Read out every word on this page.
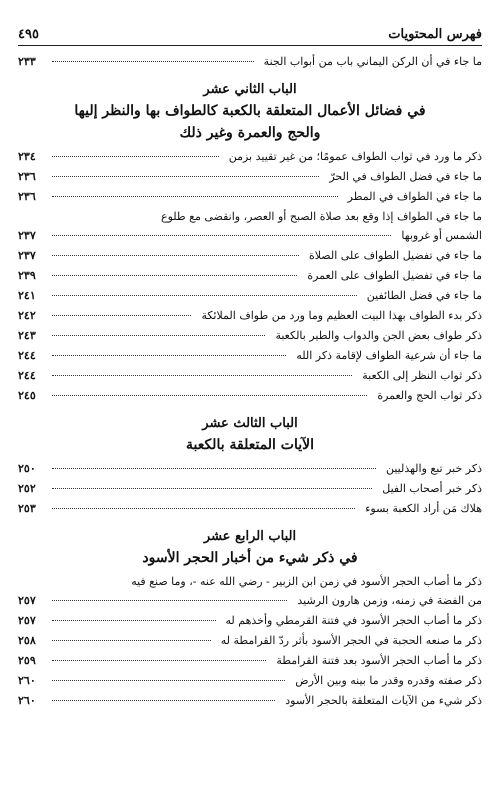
فهرس المحتويات
٤٩٥
ما جاء في أن الركن اليماني باب من أبواب الجنة
٢٣٣
الباب الثاني عشر
في فضائل الأعمال المتعلقة بالكعبة كالطواف بها والنظر إليها
والحج والعمرة وغير ذلك
ذكر ما ورد في ثواب الطواف عمومًا؛ من غير تقييد بزمن
٢٣٤
ما جاء في فضل الطواف في الحرّ
٢٣٦
ما جاء في الطواف في المطر
٢٣٦
ما جاء في الطواف إذا وقع بعد صلاة الصبح أو العصر، وانقضى مع طلوع
الشمس أو غروبها
٢٣٧
ما جاء في تفضيل الطواف على الصلاة
٢٣٧
ما جاء في تفضيل الطواف على العمرة
٢٣٩
ما جاء في فضل الطائفين
٢٤١
ذكر بدء الطواف بهذا البيت العظيم وما ورد من طواف الملائكة
٢٤٢
ذكر طواف بعض الجن والدواب والطير بالكعبة
٢٤٣
ما جاء أن شرعية الطواف لإقامة ذكر الله
٢٤٤
ذكر ثواب النظر إلى الكعبة
٢٤٤
ذكر ثواب الحج والعمرة
٢٤٥
الباب الثالث عشر
الآيات المتعلقة بالكعبة
ذكر خبر تبع والهذليين
٢٥٠
ذكر خبر أصحاب الفيل
٢٥٢
هلاك مَن أراد الكعبة بسوء
٢٥٣
الباب الرابع عشر
في ذكر شيء من أخبار الحجر الأسود
ذكر ما أصاب الحجر الأسود في زمن ابن الزبير - رضي الله عنه -، وما صنع فيه
من الفضة في زمنه، وزمن هارون الرشيد
٢٥٧
ذكر ما أصاب الحجر الأسود في فتنة القرمطي وأخذهم له
٢٥٧
ذكر ما صنعه الحجبة في الحجر الأسود بأثر ردّ القرامطة له
٢٥٨
ذكر ما أصاب الحجر الأسود بعد فتنة القرامطة
٢٥٩
ذكر صفته وقدره وقدر ما بينه وبين الأرض
٢٦٠
ذكر شيء من الآيات المتعلقة بالحجر الأسود
٢٦٠
